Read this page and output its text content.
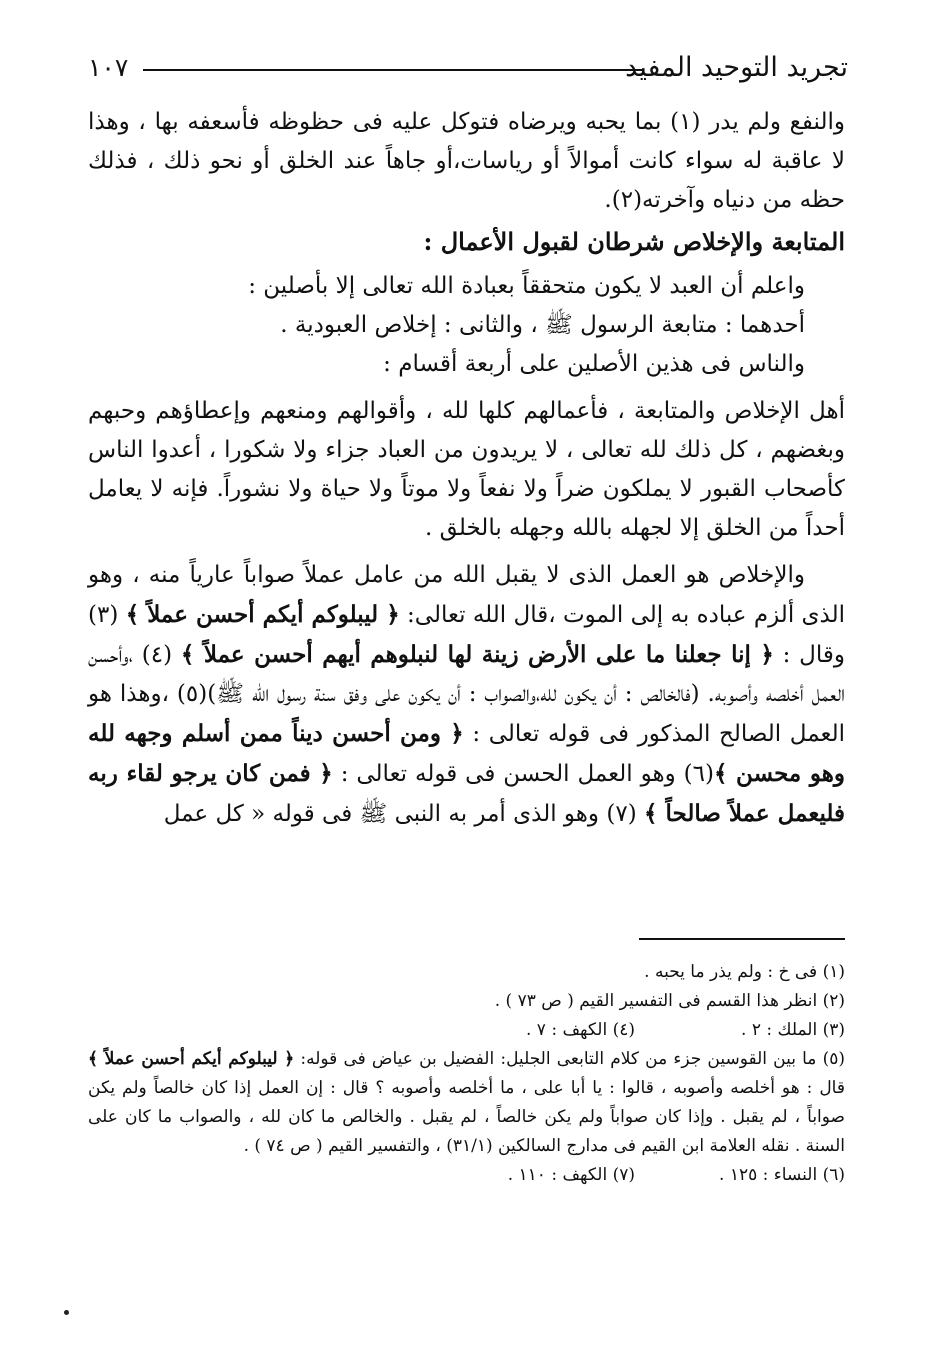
تجريد التوحيد المفيد
١٠٧

والنفع ولم يدر (١) بما يحبه ويرضاه فتوكل عليه فى حظوظه فأسعفه بها ، وهذا لا عاقبة له سواء كانت أموالاً أو رياسات،أو جاهاً عند الخلق أو نحو ذلك ، فذلك حظه من دنياه وآخرته(٢).

المتابعة والإخلاص شرطان لقبول الأعمال :

واعلم أن العبد لا يكون متحققاً بعبادة الله تعالى إلا بأصلين :

أحدهما : متابعة الرسول ﷺ ، والثانى : إخلاص العبودية .

والناس فى هذين الأصلين على أربعة أقسام :

أهل الإخلاص والمتابعة ، فأعمالهم كلها لله ، وأقوالهم ومنعهم وإعطاؤهم وحبهم وبغضهم ، كل ذلك لله تعالى ، لا يريدون من العباد جزاء ولا شكورا ، أعدوا الناس كأصحاب القبور لا يملكون ضراً ولا نفعاً ولا موتاً ولا حياة ولا نشوراً. فإنه لا يعامل أحداً من الخلق إلا لجهله بالله وجهله بالخلق .

والإخلاص هو العمل الذى لا يقبل الله من عامل عملاً صواباً عارياً منه ، وهو الذى ألزم عباده به إلى الموت ،قال الله تعالى: ﴿ ليبلوكم أيكم أحسن عملاً ﴾ (٣) وقال : ﴿ إنا جعلنا ما على الأرض زينة لها لنبلوهم أيهم أحسن عملاً ﴾ (٤) ،وأحسن العمل أخلصه وأصوبه. (فالخالص : أن يكون لله،والصواب : أن يكون على وفق سنة رسول الله ﷺ)(٥) ،وهذا هو العمل الصالح المذكور فى قوله تعالى : ﴿ ومن أحسن ديناً ممن أسلم وجهه لله وهو محسن ﴾(٦) وهو العمل الحسن فى قوله تعالى : ﴿ فمن كان يرجو لقاء ربه فليعمل عملاً صالحاً ﴾ (٧) وهو الذى أمر به النبى ﷺ فى قوله « كل عمل

(١) فى خ : ولم يذر ما يحبه .

(٢) انظر هذا القسم فى التفسير القيم ( ص ٧٣ ) .

(٣) الملك : ٢ .
(٤) الكهف : ٧ .

(٥) ما بين القوسين جزء من كلام التابعى الجليل: الفضيل بن عياض فى قوله: ﴿ ليبلوكم أيكم أحسن عملاً ﴾ قال : هو أخلصه وأصوبه ، قالوا : يا أبا على ، ما أخلصه وأصوبه ؟ قال : إن العمل إذا كان خالصاً ولم يكن صواباً ، لم يقبل . وإذا كان صواباً ولم يكن خالصاً ، لم يقبل . والخالص ما كان لله ، والصواب ما كان على السنة . نقله العلامة ابن القيم فى مدارج السالكين (٣١/١) ، والتفسير القيم ( ص ٧٤ ) .

(٦) النساء : ١٢٥ .
(٧) الكهف : ١١٠ .
